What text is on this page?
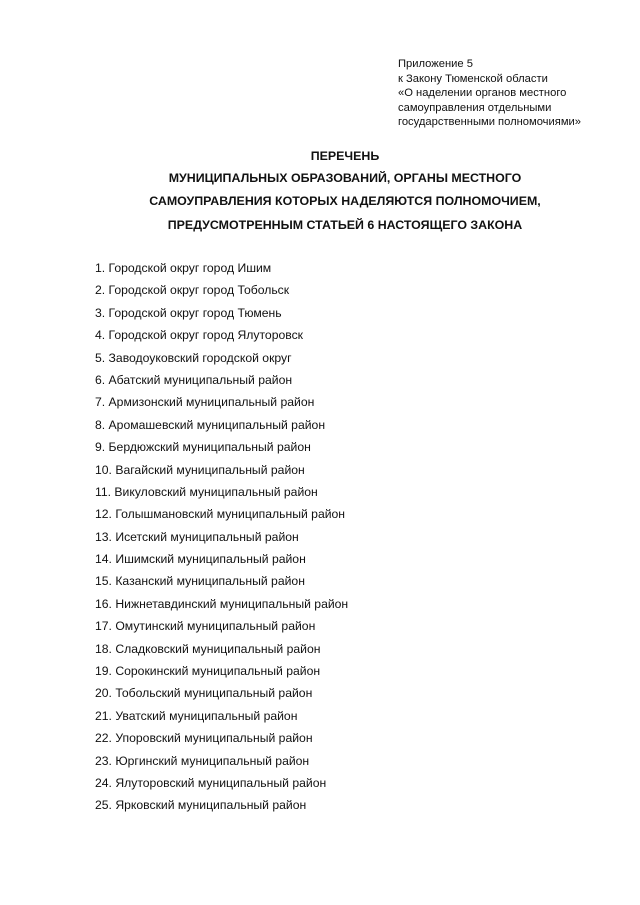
Приложение 5
к Закону Тюменской области
«О наделении органов местного
самоуправления отдельными
государственными полномочиями»
ПЕРЕЧЕНЬ
МУНИЦИПАЛЬНЫХ ОБРАЗОВАНИЙ, ОРГАНЫ МЕСТНОГО
САМОУПРАВЛЕНИЯ КОТОРЫХ НАДЕЛЯЮТСЯ ПОЛНОМОЧИЕМ,
ПРЕДУСМОТРЕННЫМ СТАТЬЕЙ 6 НАСТОЯЩЕГО ЗАКОНА
1. Городской округ город Ишим
2. Городской округ город Тобольск
3. Городской округ город Тюмень
4. Городской округ город Ялуторовск
5. Заводоуковский городской округ
6. Абатский муниципальный район
7. Армизонский муниципальный район
8. Аромашевский муниципальный район
9. Бердюжский муниципальный район
10. Вагайский муниципальный район
11. Викуловский муниципальный район
12. Голышмановский муниципальный район
13. Исетский муниципальный район
14. Ишимский муниципальный район
15. Казанский муниципальный район
16. Нижнетавдинский муниципальный район
17. Омутинский муниципальный район
18. Сладковский муниципальный район
19. Сорокинский муниципальный район
20. Тобольский муниципальный район
21. Уватский муниципальный район
22. Упоровский муниципальный район
23. Юргинский муниципальный район
24. Ялуторовский муниципальный район
25. Ярковский муниципальный район
